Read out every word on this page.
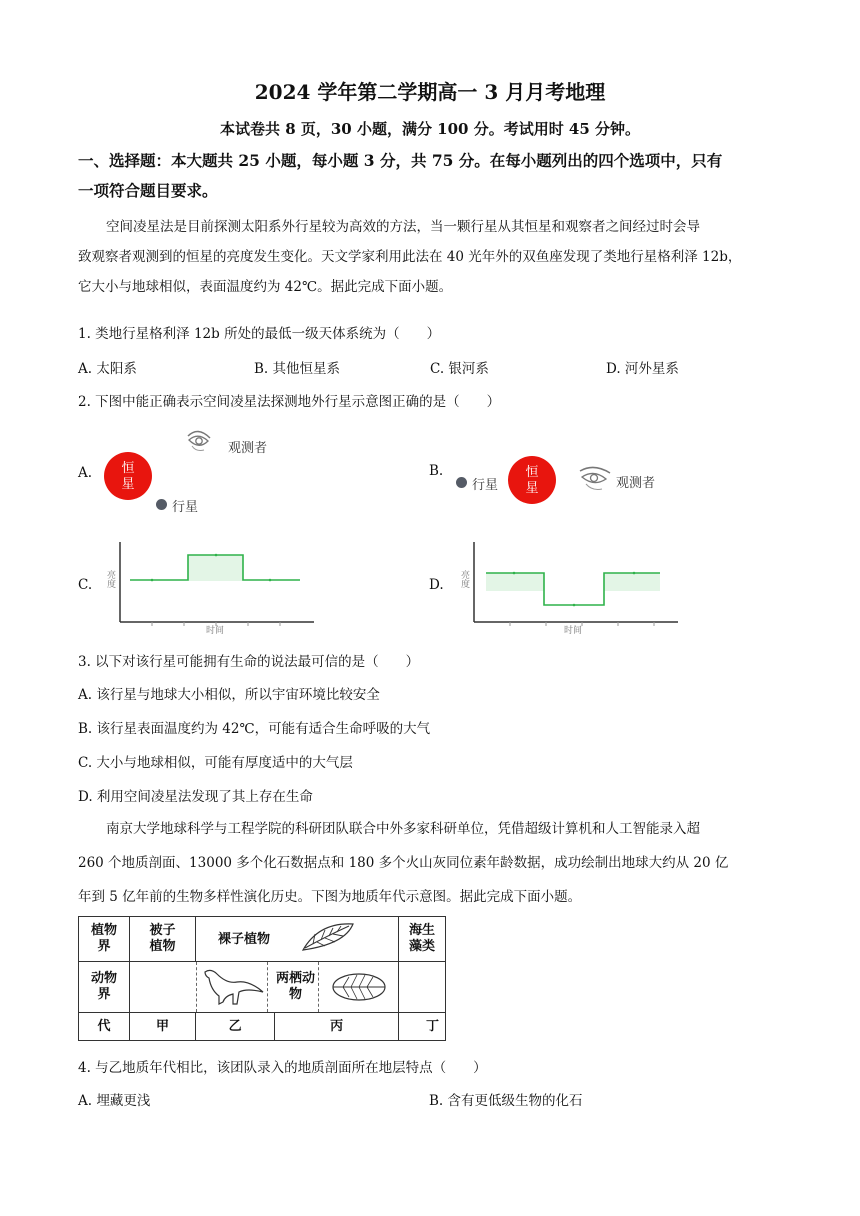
2024 学年第二学期高一 3 月月考地理
本试卷共 8 页，30 小题，满分 100 分。考试用时 45 分钟。
一、选择题：本大题共 25 小题，每小题 3 分，共 75 分。在每小题列出的四个选项中，只有
一项符合题目要求。
空间凌星法是目前探测太阳系外行星较为高效的方法，当一颗行星从其恒星和观察者之间经过时会导
致观察者观测到的恒星的亮度发生变化。天文学家利用此法在 40 光年外的双鱼座发现了类地行星格利泽 12b，
它大小与地球相似，表面温度约为 42℃。据此完成下面小题。
1. 类地行星格利泽 12b 所处的最低一级天体系统为（　　）
A. 太阳系	B. 其他恒星系	C. 银河系	D. 河外星系
2. 下图中能正确表示空间凌星法探测地外行星示意图正确的是（　　）
A.
观测者
恒
星
行星
B.
行星
恒
星	观测者
C. 亮度
时间
D. 亮度
时间
3. 以下对该行星可能拥有生命的说法最可信的是（　　）
A. 该行星与地球大小相似，所以宇宙环境比较安全
B. 该行星表面温度约为 42℃，可能有适合生命呼吸的大气
C. 大小与地球相似，可能有厚度适中的大气层
D. 利用空间凌星法发现了其上存在生命
南京大学地球科学与工程学院的科研团队联合中外多家科研单位，凭借超级计算机和人工智能录入超
260 个地质剖面、13000 多个化石数据点和 180 多个火山灰同位素年龄数据，成功绘制出地球大约从 20 亿
年到 5 亿年前的生物多样性演化历史。下图为地质年代示意图。据此完成下面小题。
植物界	被子植物	裸子植物		海生藻类

动物界		两栖动物		

代	甲	乙	丙	丁
4. 与乙地质年代相比，该团队录入的地质剖面所在地层特点（　　）
A. 埋藏更浅	B. 含有更低级生物的化石
